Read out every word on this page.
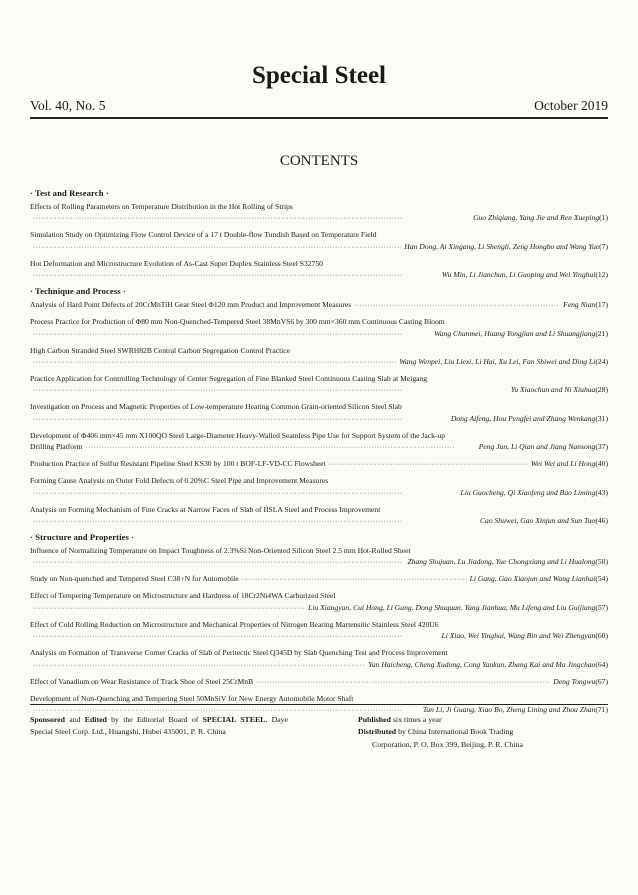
Special Steel
Vol. 40, No. 5	October 2019
CONTENTS
· Test and Research ·
Effects of Rolling Parameters on Temperature Distribution in the Hot Rolling of Strips
· · ·
Guo Zhiqiang, Yang Jie and Ren Xueping (1)
Simulation Study on Optimizing Flow Control Device of a 17 t Double-flow Tundish Based on Temperature Field
· · ·
Han Dong, Ai Xingang, Li Shengli, Zeng Hongbo and Wang Yue (7)
Hot Deformation and Microstructure Evolution of As-Cast Super Duplex Stainless Steel S32750
· · ·
Wu Min, Li Jianchun, Li Guoping and Wei Yinghui (12)
· Technique and Process ·
Analysis of Hard Point Defects of 20CrMnTiH Gear Steel Φ120 mm Product and Improvement Measures · · ·	Feng Nian (17)
Process Practice for Production of Φ80 mm Non-Quenched-Tempered Steel 38MnVS6 by 300 mm×360 mm Continuous Casting Bloom
· · ·
Wang Chunmei, Huang Yongjian and Li Shuangjiang (21)
High Carbon Stranded Steel SWRH82B Central Carbon Segregation Control Practice
· · ·
Wang Wenpei, Liu Liexi, Li Hai, Xu Lei, Fan Shiwei and Ding Li (24)
Practice Application for Controlling Technology of Center Segregation of Fine Blanked Steel Continuous Casting Slab at Meigang
· · ·
Yu Xiaochun and Ni Xiuhua (28)
Investigation on Process and Magnetic Properties of Low-temperature Heating Common Grain-oriented Silicon Steel Slab
· · ·
Dong Aifeng, Hou Pengfei and Zhang Wenkang (31)
Development of Φ406 mm×45 mm X100QO Steel Large-Diameter Heavy-Walled Seamless Pipe Use for Support System of the Jack-up
Drilling Platform · · ·	Peng Jun, Li Qian and Jiang Nansong (37)
Production Practice of Sulfur Resistant Pipeline Steel KS30 by 100 t BOF-LF-VD-CC Flowsheet · · ·	Wei Wei and Li Hong (40)
Forming Cause Analysis on Outer Fold Defects of 0.20%C Steel Pipe and Improvement Measures
· · ·
Liu Guocheng, Qi Xiaofeng and Bao Liming (43)
Analysis on Forming Mechanism of Fine Cracks at Narrow Faces of Slab of IISLA Steel and Process Improvement
· · ·
Cao Shuwei, Gao Xinjun and Sun Tuo (46)
· Structure and Properties ·
Influence of Normalizing Temperature on Impact Toughness of 2.3%Si Non-Oriented Silicon Steel 2.5 mm Hot-Rolled Sheet
· · ·
Zhang Shujuan, Lu Jiadong, Yue Chongxiang and Li Hualong (50)
Study on Non-quenched and Tempered Steel C38+N for Automobile · · ·	Li Gang, Gao Xiaojun and Wang Lianhai (54)
Effect of Tempering Temperature on Microstructure and Hardness of 18Cr2Ni4WA Carburized Steel
· · ·
Liu Xiangyan, Cui Hong, Li Gang, Dong Shuquan, Yang Jianhua, Mu Lifeng and Liu Guijiang (57)
Effect of Cold Rolling Reduction on Microstructure and Mechanical Properties of Nitrogen Bearing Martensitic Stainless Steel 420U6
· · ·
Li Xiao, Wei Yinghui, Wang Bin and Wei Zhengyan (60)
Analysis on Formation of Transverse Corner Cracks of Slab of Peritectic Steel Q345D by Slab Quenching Test and Process Improvement
· · ·
Yan Haicheng, Cheng Xudong, Cong Yankun, Zhang Kai and Ma Jingchao (64)
Effect of Vanadium on Wear Resistance of Track Shoe of Steel 25CrMnB · · ·	Deng Tongwu (67)
Development of Non-Quenching and Tempering Steel 50MnSiV for New Energy Automobile Motor Shaft
· · ·
Tan Li, Ji Guang, Xiao Bo, Zheng Lining and Zhou Zhan (71)
Sponsored and Edited by the Editorial Board of SPECIAL STEEL, Daye Special Steel Corp. Ltd., Huangshi, Hubei 435001, P. R. China
Published six times a year
Distributed by China International Book Trading
Corporation, P. O. Box 399, Beijing, P. R. China
